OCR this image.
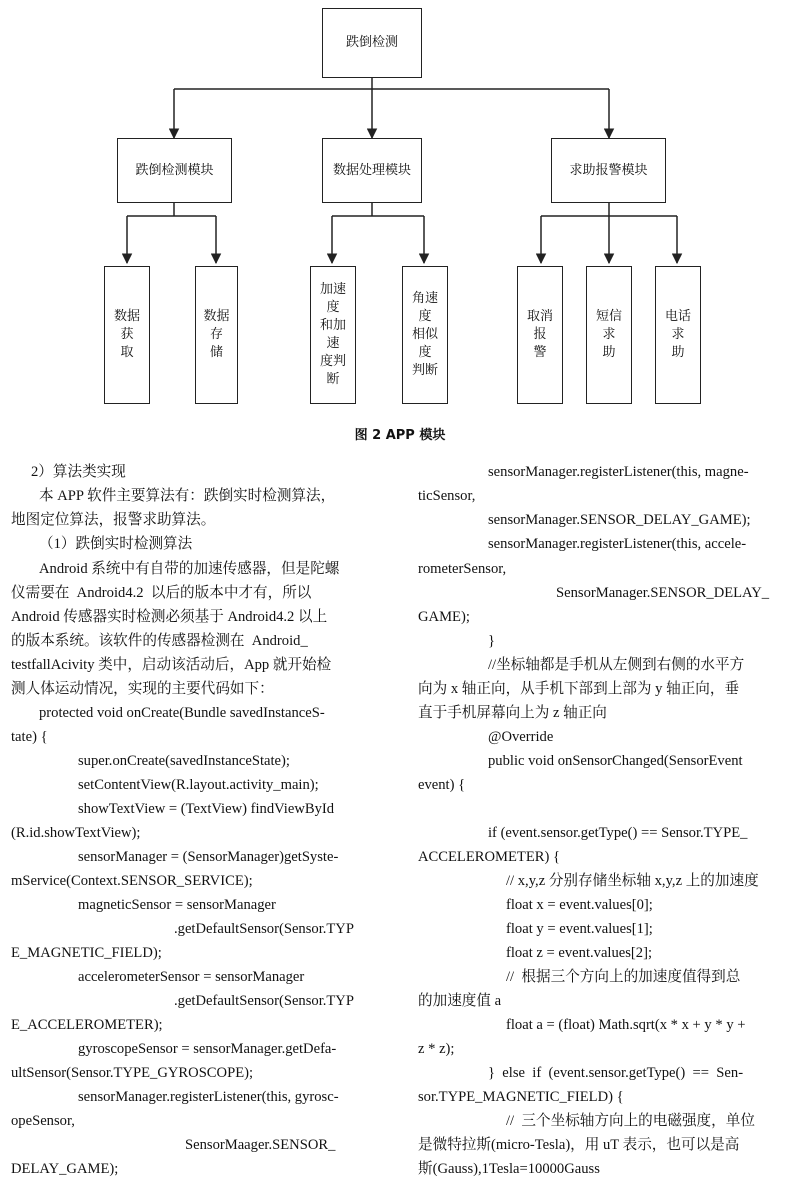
跌倒检测
跌倒检测模块	数据处理模块	求助报警模块
数据获
取
数据存
储
加速度
和加速
度判断
角速度
相似度
判断
取消报
警
短信求
助
电话求
助
图 2 APP 模块
2）算法类实现
本 APP 软件主要算法有：跌倒实时检测算法，
地图定位算法，报警求助算法。
（1）跌倒实时检测算法
Android 系统中有自带的加速传感器，但是陀螺
仪需要在  Android4.2  以后的版本中才有，所以
Android 传感器实时检测必须基于 Android4.2 以上
的版本系统。该软件的传感器检测在  Android_
testfallAcivity 类中，启动该活动后，App 就开始检
测人体运动情况，实现的主要代码如下：
protected void onCreate(Bundle savedInstanceS-
tate) {
super.onCreate(savedInstanceState);
setContentView(R.layout.activity_main);
showTextView = (TextView) findViewById
(R.id.showTextView);
sensorManager = (SensorManager)getSyste-
mService(Context.SENSOR_SERVICE);
magneticSensor = sensorManager
.getDefaultSensor(Sensor.TYP
E_MAGNETIC_FIELD);
accelerometerSensor = sensorManager
.getDefaultSensor(Sensor.TYP
E_ACCELEROMETER);
gyroscopeSensor = sensorManager.getDefa-
ultSensor(Sensor.TYPE_GYROSCOPE);
sensorManager.registerListener(this, gyrosc-
opeSensor,
SensorMaager.SENSOR_
DELAY_GAME);
sensorManager.registerListener(this, magne-
ticSensor,
sensorManager.SENSOR_DELAY_GAME);
sensorManager.registerListener(this, accele-
rometerSensor,
SensorManager.SENSOR_DELAY_
GAME);
}
//坐标轴都是手机从左侧到右侧的水平方
向为 x 轴正向，从手机下部到上部为 y 轴正向，垂
直于手机屏幕向上为 z 轴正向
@Override
public void onSensorChanged(SensorEvent
event) {
if (event.sensor.getType() == Sensor.TYPE_
ACCELEROMETER) {
// x,y,z 分别存储坐标轴 x,y,z 上的加速度
float x = event.values[0];
float y = event.values[1];
float z = event.values[2];
//  根据三个方向上的加速度值得到总
的加速度值 a
float a = (float) Math.sqrt(x * x + y * y +
z * z);
}  else  if  (event.sensor.getType()  ==  Sen-
sor.TYPE_MAGNETIC_FIELD) {
//  三个坐标轴方向上的电磁强度，单位
是微特拉斯(micro-Tesla)，用 uT 表示，也可以是高
斯(Gauss),1Tesla=10000Gauss
